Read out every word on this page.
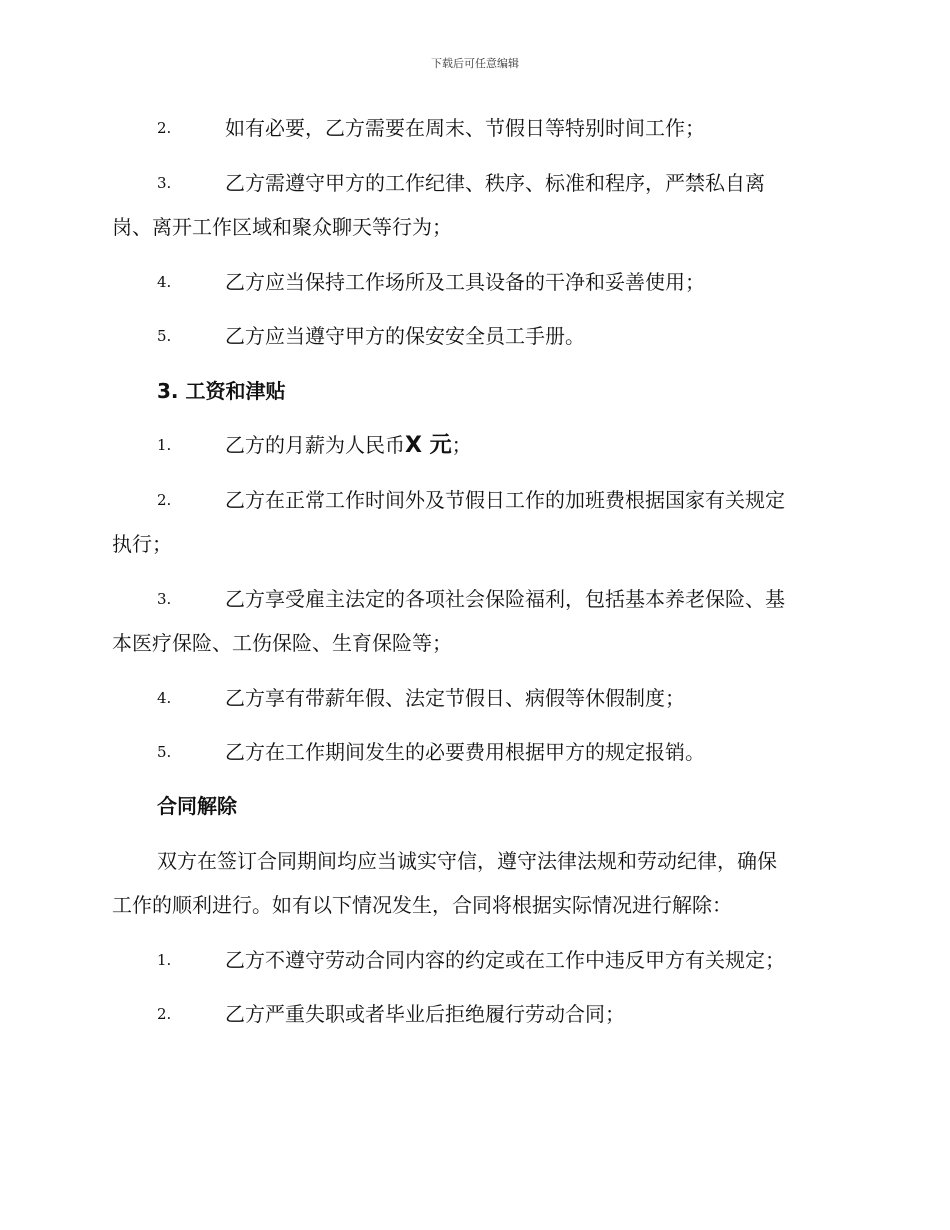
下载后可任意编辑
2.	如有必要，乙方需要在周末、节假日等特别时间工作；
3.	乙方需遵守甲方的工作纪律、秩序、标准和程序，严禁私自离
岗、离开工作区域和聚众聊天等行为；
4.	乙方应当保持工作场所及工具设备的干净和妥善使用；
5.	乙方应当遵守甲方的保安安全员工手册。
3. 工资和津贴
1.	乙方的月薪为人民币X 元；
2.	乙方在正常工作时间外及节假日工作的加班费根据国家有关规定
执行；
3.	乙方享受雇主法定的各项社会保险福利，包括基本养老保险、基
本医疗保险、工伤保险、生育保险等；
4.	乙方享有带薪年假、法定节假日、病假等休假制度；
5.	乙方在工作期间发生的必要费用根据甲方的规定报销。
合同解除
双方在签订合同期间均应当诚实守信，遵守法律法规和劳动纪律，确保
工作的顺利进行。如有以下情况发生，合同将根据实际情况进行解除：
1.	乙方不遵守劳动合同内容的约定或在工作中违反甲方有关规定；
2.	乙方严重失职或者毕业后拒绝履行劳动合同；
